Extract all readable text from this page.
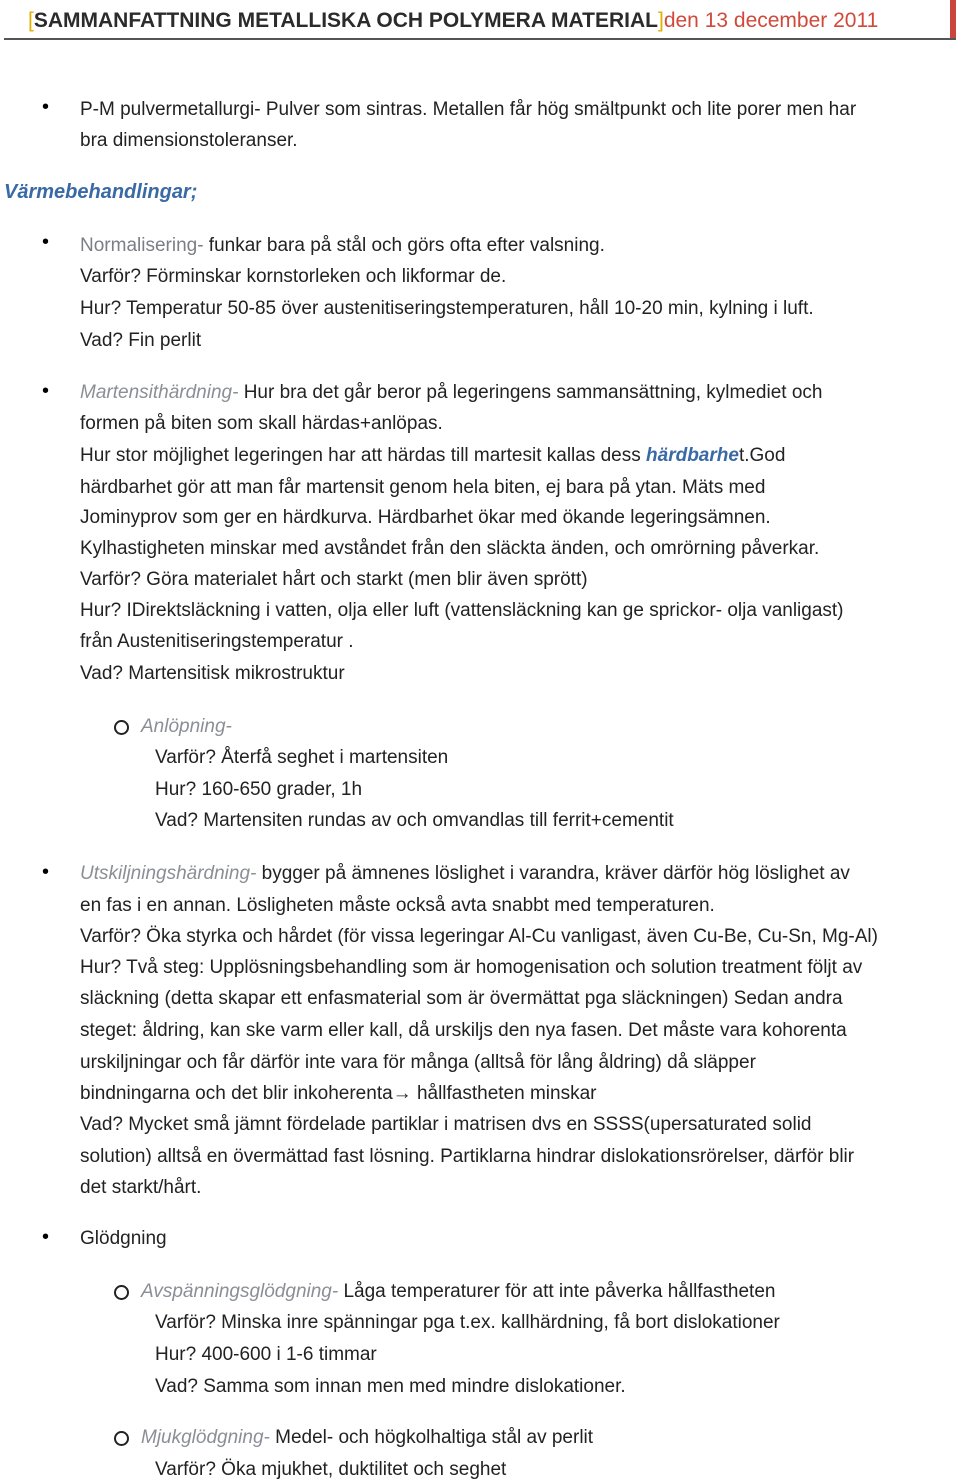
[SAMMANFATTNING METALLISKA OCH POLYMERA MATERIAL]den 13 december 2011
• P-M pulvermetallurgi- Pulver som sintras. Metallen får hög smältpunkt och lite porer men har
bra dimensionstoleranser.
Värmebehandlingar;
• Normalisering- funkar bara på stål och görs ofta efter valsning.
Varför? Förminskar kornstorleken och likformar de.
Hur? Temperatur 50-85 över austenitiseringstemperaturen, håll 10-20 min, kylning i luft.
Vad? Fin perlit
• Martensithärdning- Hur bra det går beror på legeringens sammansättning, kylmediet och
formen på biten som skall härdas+anlöpas.
Hur stor möjlighet legeringen har att härdas till martesit kallas dess härdbarhet.God
härdbarhet gör att man får martensit genom hela biten, ej bara på ytan. Mäts med
Jominyprov som ger en härdkurva. Härdbarhet ökar med ökande legeringsämnen.
Kylhastigheten minskar med avståndet från den släckta änden, och omrörning påverkar.
Varför? Göra materialet hårt och starkt (men blir även sprött)
Hur? IDirektsläckning i vatten, olja eller luft (vattensläckning kan ge sprickor- olja vanligast)
från Austenitiseringstemperatur .
Vad? Martensitisk mikrostruktur
Anlöpning-
Varför? Återfå seghet i martensiten
Hur? 160-650 grader, 1h
Vad? Martensiten rundas av och omvandlas till ferrit+cementit
• Utskiljningshärdning- bygger på ämnenes löslighet i varandra, kräver därför hög löslighet av
en fas i en annan. Lösligheten måste också avta snabbt med temperaturen.
Varför? Öka styrka och hårdet (för vissa legeringar Al-Cu vanligast, även Cu-Be, Cu-Sn, Mg-Al)
Hur? Två steg: Upplösningsbehandling som är homogenisation och solution treatment följt av
släckning (detta skapar ett enfasmaterial som är övermättat pga släckningen) Sedan andra
steget: åldring, kan ske varm eller kall, då urskiljs den nya fasen. Det måste vara kohorenta
urskiljningar och får därför inte vara för många (alltså för lång åldring) då släpper
bindningarna och det blir inkoherenta→ hållfastheten minskar
Vad? Mycket små jämnt fördelade partiklar i matrisen dvs en SSSS(upersaturated solid
solution) alltså en övermättad fast lösning. Partiklarna hindrar dislokationsrörelser, därför blir
det starkt/hårt.
• Glödgning
Avspänningsglödgning- Låga temperaturer för att inte påverka hållfastheten
Varför? Minska inre spänningar pga t.ex. kallhärdning, få bort dislokationer
Hur? 400-600 i 1-6 timmar
Vad? Samma som innan men med mindre dislokationer.
Mjukglödgning- Medel- och högkolhaltiga stål av perlit
Varför? Öka mjukhet, duktilitet och seghet
